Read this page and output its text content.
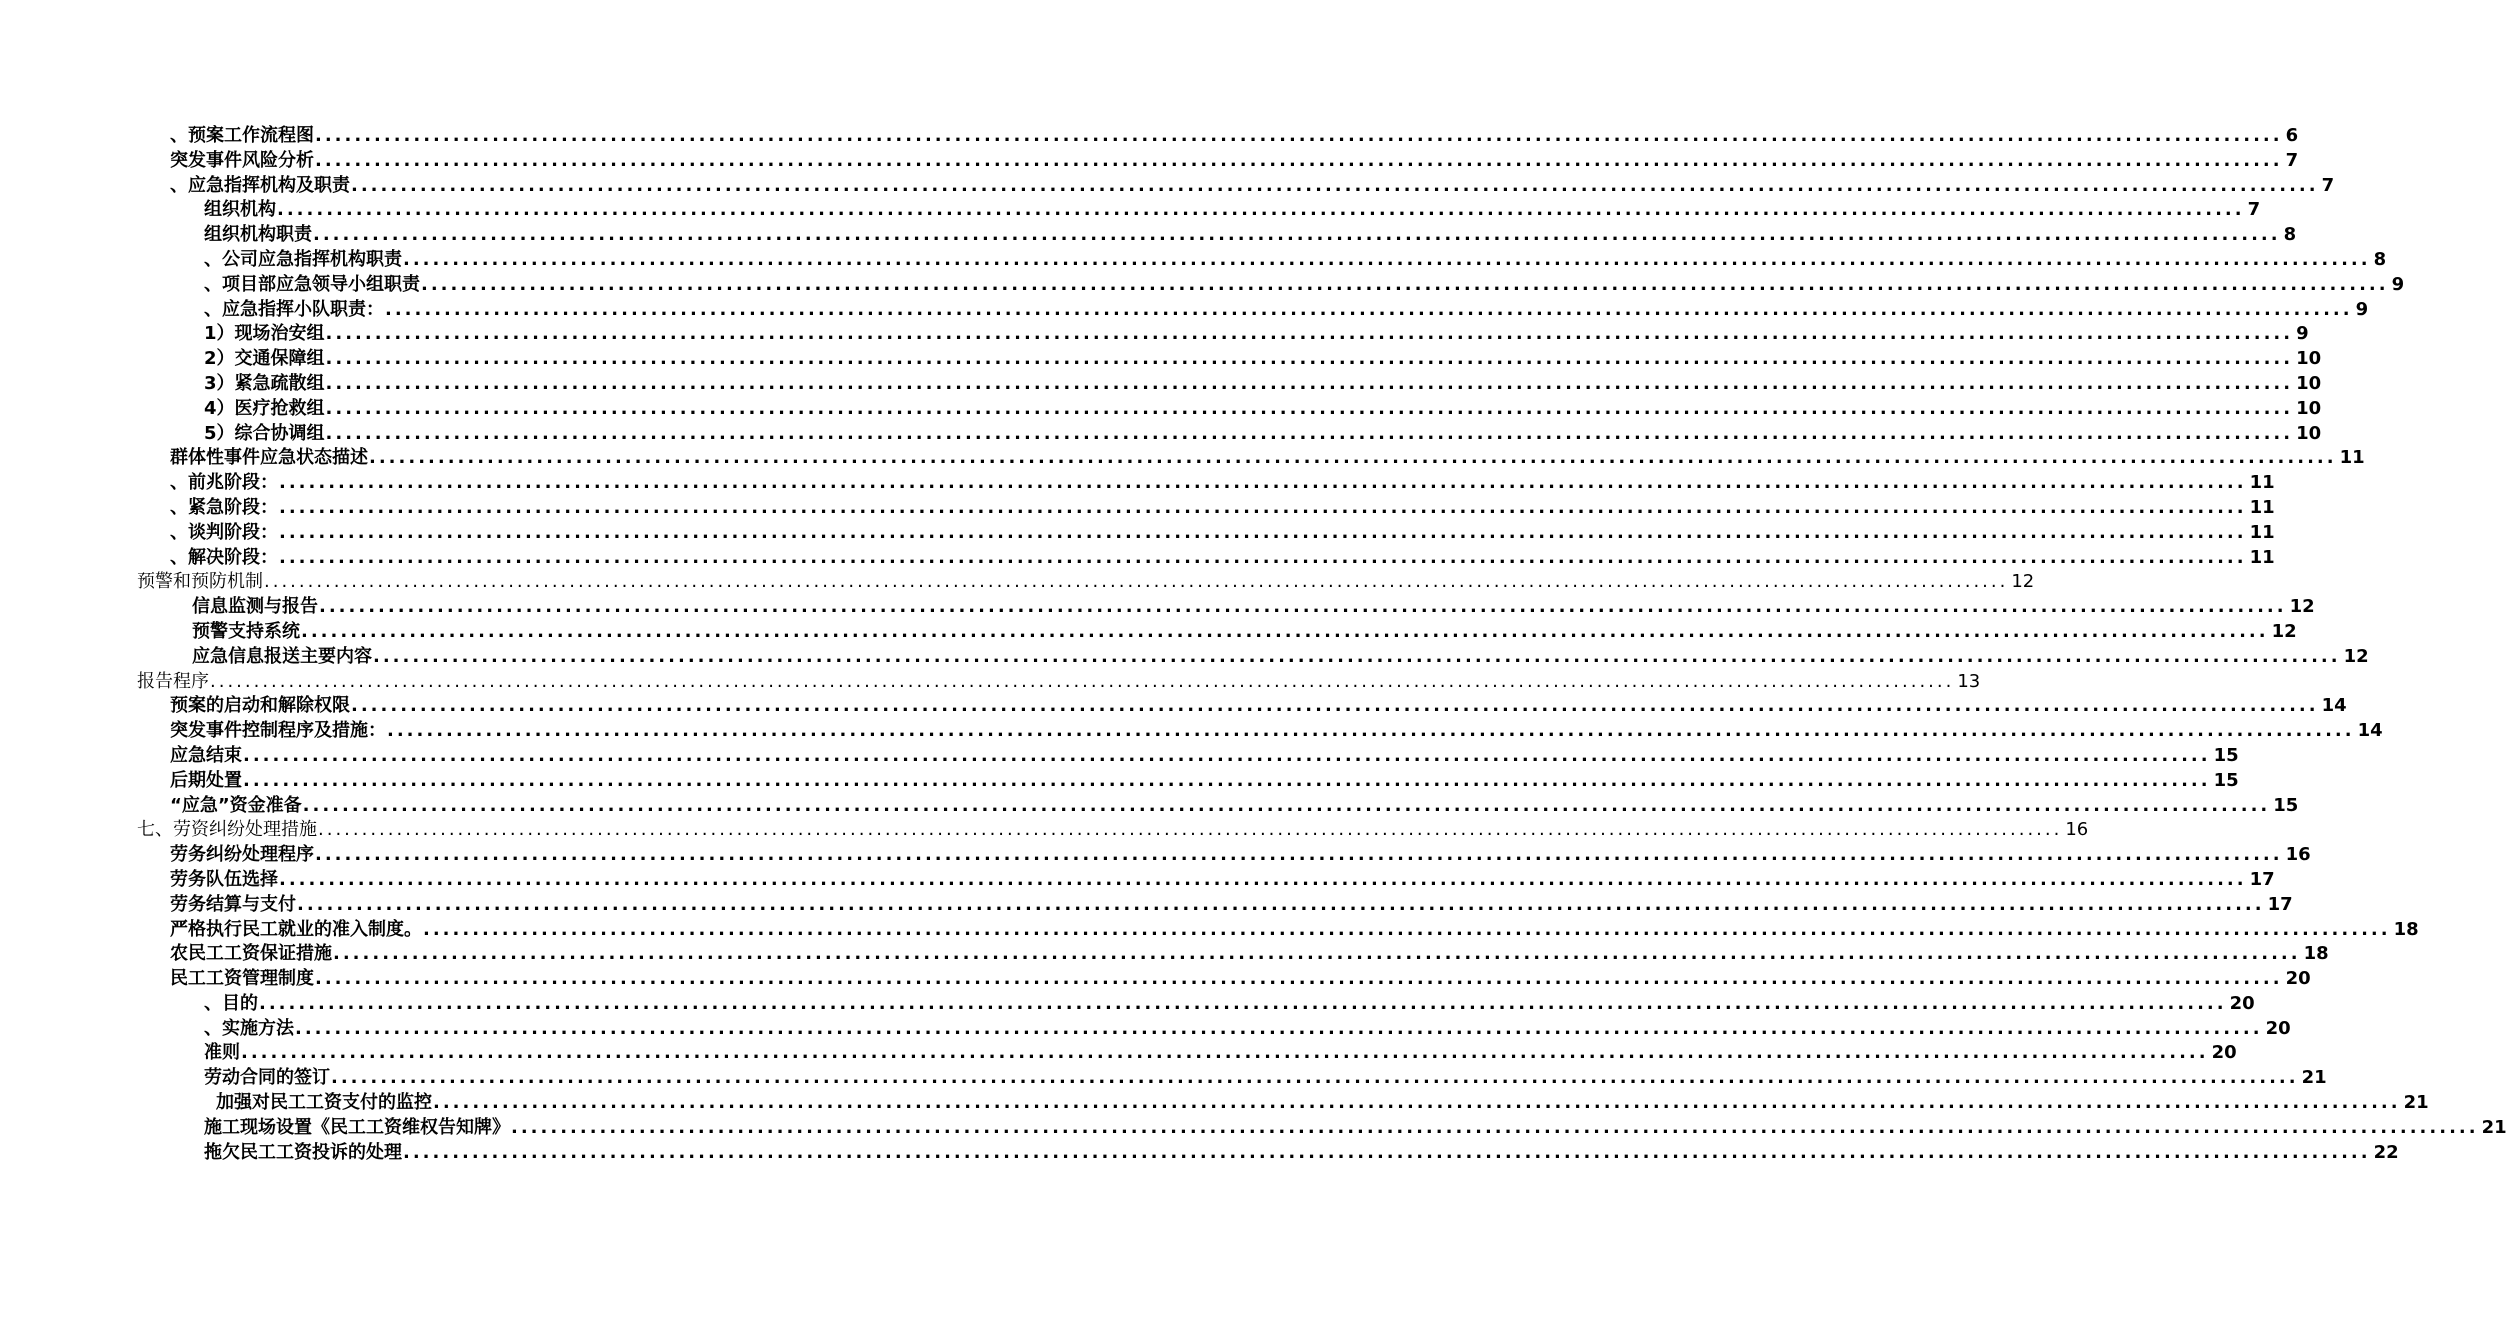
、预案工作流程图 ........................................................................................................................................................................................................ 6
突发事件风险分析 ........................................................................................................................................................................................................ 7
、应急指挥机构及职责 ........................................................................................................................................................................................................ 7
组织机构 ........................................................................................................................................................................................................ 7
组织机构职责 ........................................................................................................................................................................................................ 8
、公司应急指挥机构职责 ........................................................................................................................................................................................................ 8
、项目部应急领导小组职责 ........................................................................................................................................................................................................ 9
、应急指挥小队职责： ........................................................................................................................................................................................................ 9
1）现场治安组 ........................................................................................................................................................................................................ 9
2）交通保障组 ........................................................................................................................................................................................................ 10
3）紧急疏散组 ........................................................................................................................................................................................................ 10
4）医疗抢救组 ........................................................................................................................................................................................................ 10
5）综合协调组 ........................................................................................................................................................................................................ 10
群体性事件应急状态描述 ........................................................................................................................................................................................................ 11
、前兆阶段： ........................................................................................................................................................................................................ 11
、紧急阶段： ........................................................................................................................................................................................................ 11
、谈判阶段： ........................................................................................................................................................................................................ 11
、解决阶段： ........................................................................................................................................................................................................ 11
预警和预防机制 ........................................................................................................................................................................................................ 12
信息监测与报告 ........................................................................................................................................................................................................ 12
预警支持系统 ........................................................................................................................................................................................................ 12
应急信息报送主要内容 ........................................................................................................................................................................................................ 12
报告程序 ........................................................................................................................................................................................................ 13
预案的启动和解除权限 ........................................................................................................................................................................................................ 14
突发事件控制程序及措施： ........................................................................................................................................................................................................ 14
应急结束 ........................................................................................................................................................................................................ 15
后期处置 ........................................................................................................................................................................................................ 15
“应急”资金准备 ........................................................................................................................................................................................................ 15
七、劳资纠纷处理措施 ........................................................................................................................................................................................................ 16
劳务纠纷处理程序 ........................................................................................................................................................................................................ 16
劳务队伍选择 ........................................................................................................................................................................................................ 17
劳务结算与支付 ........................................................................................................................................................................................................ 17
严格执行民工就业的准入制度。 ........................................................................................................................................................................................................ 18
农民工工资保证措施 ........................................................................................................................................................................................................ 18
民工工资管理制度 ........................................................................................................................................................................................................ 20
、目的 ........................................................................................................................................................................................................ 20
、实施方法 ........................................................................................................................................................................................................ 20
准则 ........................................................................................................................................................................................................ 20
劳动合同的签订 ........................................................................................................................................................................................................ 21
加强对民工工资支付的监控 ........................................................................................................................................................................................................ 21
施工现场设置《民工工资维权告知牌》 ........................................................................................................................................................................................................ 21
拖欠民工工资投诉的处理 ........................................................................................................................................................................................................ 22
